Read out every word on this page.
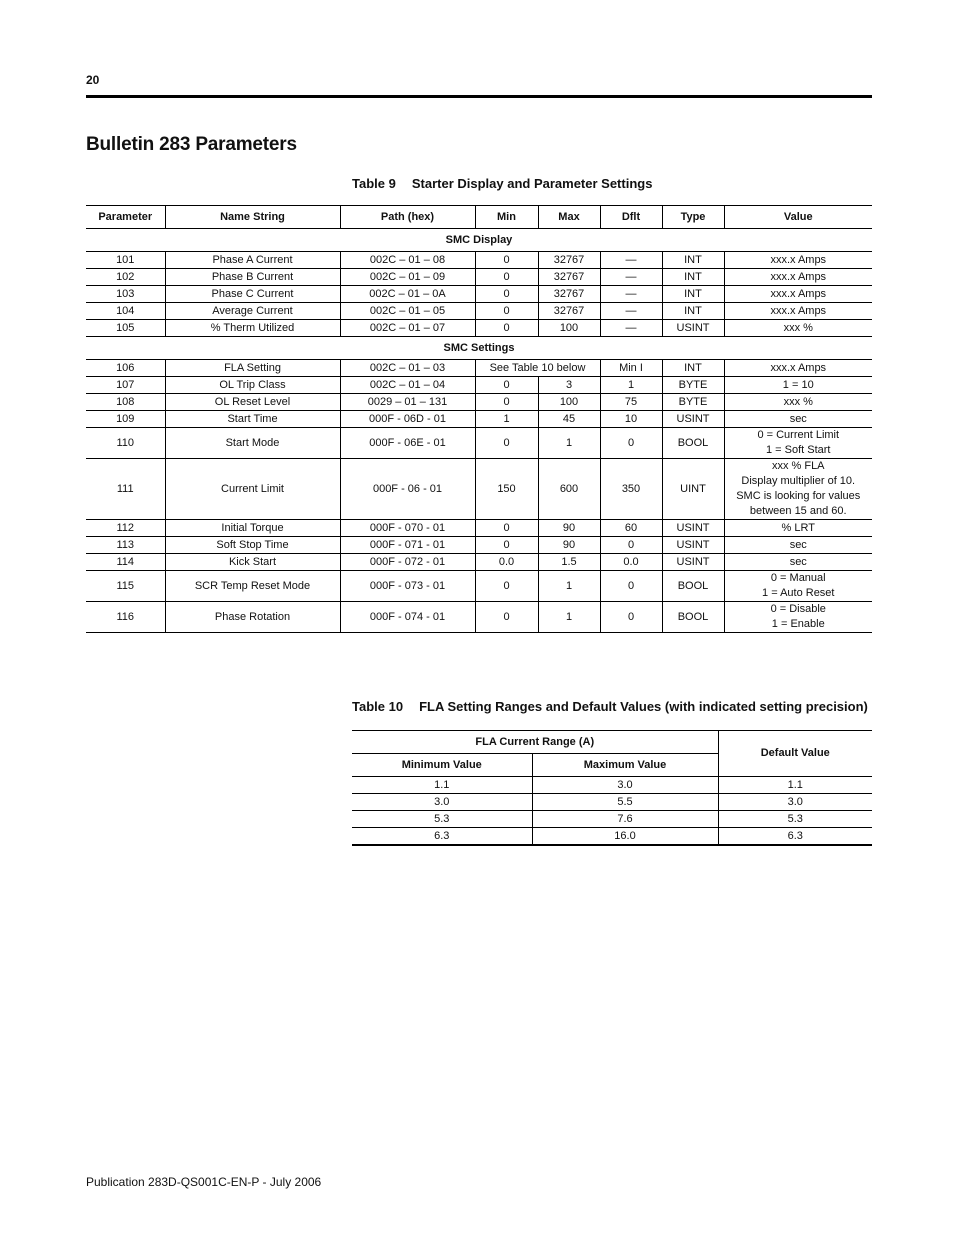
20
Bulletin 283 Parameters
Table 9 Starter Display and Parameter Settings
Parameter	Name String	Path (hex)	Min	Max	Dflt	Type	Value
SMC Display							
101	Phase A Current	002C – 01 – 08	0	32767	—	INT	xxx.x Amps

102	Phase B Current	002C – 01 – 09	0	32767	—	INT	xxx.x Amps

103	Phase C Current	002C – 01 – 0A	0	32767	—	INT	xxx.x Amps

104	Average Current	002C – 01 – 05	0	32767	—	INT	xxx.x Amps

105	% Therm Utilized	002C – 01 – 07	0	100	—	USINT	xxx %

SMC Settings							
106	FLA Setting	002C – 01 – 03	See Table 10 below		Min I	INT	xxx.x Amps

107	OL Trip Class	002C – 01 – 04	0	3	1	BYTE	1 = 10

108	OL Reset Level	0029 – 01 – 131	0	100	75	BYTE	xxx %

109	Start Time	000F - 06D - 01	1	45	10	USINT	sec

110	Start Mode	000F - 06E - 01	0	1	0	BOOL	0 = Current Limit
1 = Soft Start

111	Current Limit	000F - 06 - 01	150	600	350	UINT	xxx % FLA
Display multiplier of 10.
SMC is looking for values
between 15 and 60.

112	Initial Torque	000F - 070 - 01	0	90	60	USINT	% LRT

113	Soft Stop Time	000F - 071 - 01	0	90	0	USINT	sec

114	Kick Start	000F - 072 - 01	0.0	1.5	0.0	USINT	sec

115	SCR Temp Reset Mode	000F - 073 - 01	0	1	0	BOOL	0 = Manual
1 = Auto Reset

116	Phase Rotation	000F - 074 - 01	0	1	0	BOOL	0 = Disable
1 = Enable
Table 10 FLA Setting Ranges and Default Values (with indicated setting precision)
FLA Current Range (A)		Default Value
Minimum Value	Maximum Value	
1.1	3.0	1.1
3.0	5.5	3.0
5.3	7.6	5.3
6.3	16.0	6.3
Publication 283D-QS001C-EN-P - July 2006
